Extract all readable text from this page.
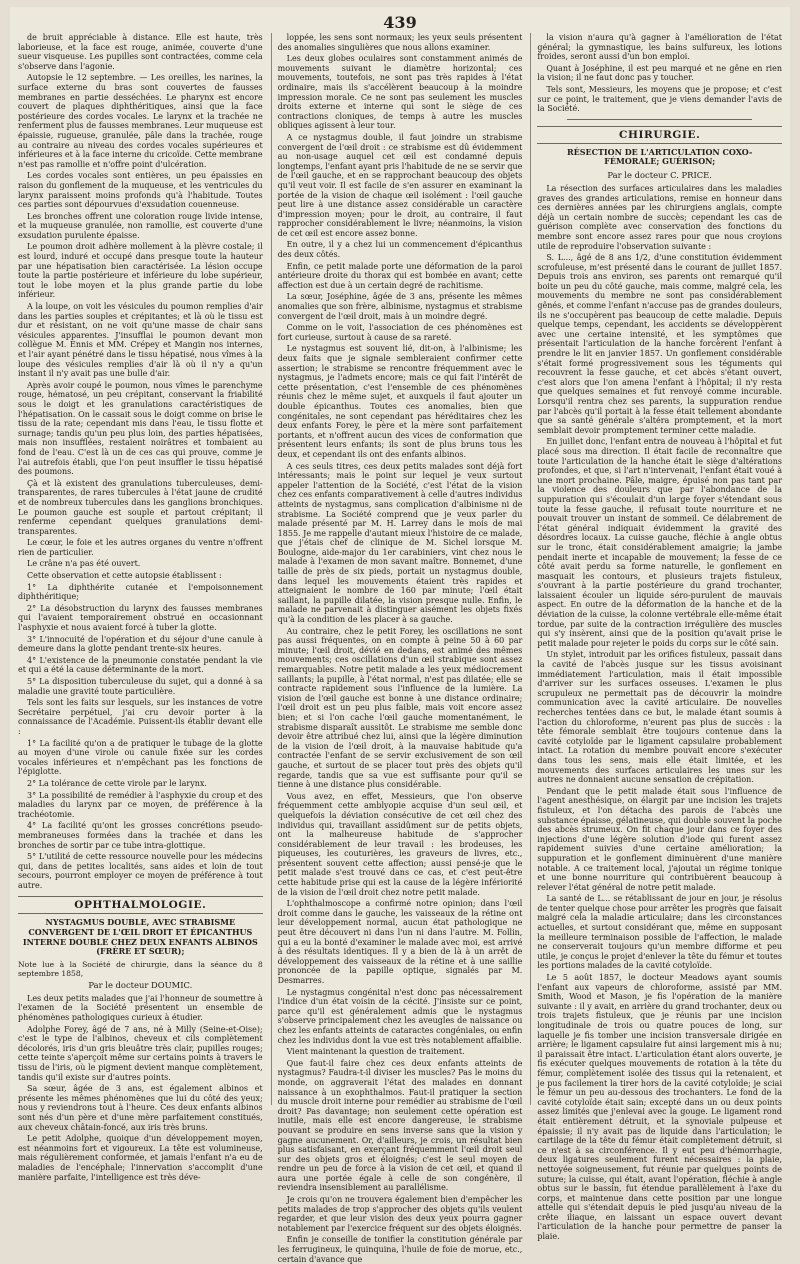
439

de bruit appréciable à distance. Elle est haute, très laborieuse, et la face est rouge, animée, couverte d'une sueur visqueuse. Les pupilles sont contractées, comme cela s'observe dans l'agonie.

Autopsie le 12 septembre. — Les oreilles, les narines, la surface externe du bras sont couvertes de fausses membranes en partie desséchées. Le pharynx est encore couvert de plaques diphthéritiques, ainsi que la face postérieure des cordes vocales. Le larynx et la trachée ne renferment plus de fausses membranes. Leur muqueuse est épaissie, rugueuse, granulée, pâle dans la trachée, rouge au contraire au niveau des cordes vocales supérieures et inférieures et à la face interne du cricoïde. Cette membrane n'est pas ramollie et n'offre point d'ulcération.

Les cordes vocales sont entières, un peu épaissies en raison du gonflement de la muqueuse, et les ventricules du larynx paraissent moins profonds qu'à l'habitude. Toutes ces parties sont dépourvues d'exsudation couenneuse.

Les bronches offrent une coloration rouge livide intense, et la muqueuse granulée, non ramollie, est couverte d'une exsudation purulente épaisse.

Le poumon droit adhère mollement à la plèvre costale; il est lourd, induré et occupé dans presque toute la hauteur par une hépatisation bien caractérisée. La lésion occupe toute la partie postérieure et inférieure du lobe supérieur, tout le lobe moyen et la plus grande partie du lobe inférieur.

A la loupe, on voit les vésicules du poumon remplies d'air dans les parties souples et crépitantes; et là où le tissu est dur et résistant, on ne voit qu'une masse de chair sans vésicules apparentes. J'insufflai le poumon devant mon collègue M. Ennis et MM. Crépey et Mangin nos internes, et l'air ayant pénétré dans le tissu hépatisé, nous vîmes à la loupe des vésicules remplies d'air là où il n'y a qu'un instant il n'y avait pas une bulle d'air.

Après avoir coupé le poumon, nous vîmes le parenchyme rouge, hématosé, un peu crépitant, conservant la friabilité sous le doigt et les granulations caractéristiques de l'hépatisation. On le cassait sous le doigt comme on brise le tissu de la rate; cependant mis dans l'eau, le tissu flotte et surnage; tandis qu'un peu plus loin, des parties hépatisées, mais non insufflées, restaient noirâtres et tombaient au fond de l'eau. C'est là un de ces cas qui prouve, comme je l'ai autrefois établi, que l'on peut insuffler le tissu hépatisé des poumons.

Çà et là existent des granulations tuberculeuses, demi-transparentes, de rares tubercules à l'état jaune de crudité et de nombreux tubercules dans les ganglions bronchiques. Le poumon gauche est souple et partout crépitant; il renferme cependant quelques granulations demi-transparentes.

Le cœur, le foie et les autres organes du ventre n'offrent rien de particulier.

Le crâne n'a pas été ouvert.

Cette observation et cette autopsie établissent :

1° La diphthérite cutanée et l'empoisonnement diphthéritique;

2° La désobstruction du larynx des fausses membranes qui l'avaient temporairement obstrué en occasionnant l'asphyxie et nous avaient forcé à tuber la glotte.

3° L'innocuité de l'opération et du séjour d'une canule à demeure dans la glotte pendant trente-six heures.

4° L'existence de la pneumonie constatée pendant la vie et qui a été la cause déterminante de la mort.

5° La disposition tuberculeuse du sujet, qui a donné à sa maladie une gravité toute particulière.

Tels sont les faits sur lesquels, sur les instances de votre Secrétaire perpétuel, j'ai cru devoir porter à la connaissance de l'Académie. Puissent-ils établir devant elle :

1° La facilité qu'on a de pratiquer le tubage de la glotte au moyen d'une virole ou canule fixée sur les cordes vocales inférieures et n'empêchant pas les fonctions de l'épiglotte.

2° La tolérance de cette virole par le larynx.

3° La possibilité de remédier à l'asphyxie du croup et des maladies du larynx par ce moyen, de préférence à la trachéotomie.

4° La facilité qu'ont les grosses concrétions pseudo-membraneuses formées dans la trachée et dans les bronches de sortir par ce tube intra-glottique.

5° L'utilité de cette ressource nouvelle pour les médecins qui, dans de petites localités, sans aides et loin de tout secours, pourront employer ce moyen de préférence à tout autre.

OPHTHALMOLOGIE.
NYSTAGMUS DOUBLE, AVEC STRABISME CONVERGENT DE L'ŒIL DROIT ET ÉPICANTHUS INTERNE DOUBLE CHEZ DEUX ENFANTS ALBINOS (FRÈRE ET SŒUR);
Note lue à la Société de chirurgie, dans la séance du 8 septembre 1858,
Par le docteur DOUMIC.

Les deux petits malades que j'ai l'honneur de soumettre à l'examen de la Société présentent un ensemble de phénomènes pathologiques curieux à étudier.

Adolphe Forey, âgé de 7 ans, né à Milly (Seine-et-Oise); c'est le type de l'albinos, cheveux et cils complètement décolorés, iris d'un gris bleuâtre très clair, pupilles rouges; cette teinte s'aperçoit même sur certains points à travers le tissu de l'iris, où le pigment devient manque complètement, tandis qu'il existe sur d'autres points.

Sa sœur, âgée de 3 ans, est également albinos et présente les mêmes phénomènes que lui du côté des yeux; nous y reviendrons tout à l'heure. Ces deux enfants albinos sont nés d'un père et d'une mère parfaitement constitués, aux cheveux châtain-foncé, aux iris très bruns.

Le petit Adolphe, quoique d'un développement moyen, est néanmoins fort et vigoureux. La tête est volumineuse, mais régulièrement conformée, et jamais l'enfant n'a eu de maladies de l'encéphale; l'innervation s'accomplit d'une manière parfaite, l'intelligence est très déve-

loppée, les sens sont normaux; les yeux seuls présentent des anomalies singulières que nous allons examiner.

Les deux globes oculaires sont constamment animés de mouvements suivant le diamètre horizontal; ces mouvements, toutefois, ne sont pas très rapides à l'état ordinaire, mais ils s'accélèrent beaucoup à la moindre impression morale. Ce ne sont pas seulement les muscles droits externe et interne qui sont le siège de ces contractions cloniques, de temps à autre les muscles obliques agissent à leur tour.

A ce nystagmus double, il faut joindre un strabisme convergent de l'œil droit : ce strabisme est dû évidemment au non-usage auquel cet œil est condamné depuis longtemps, l'enfant ayant pris l'habitude de ne se servir que de l'œil gauche, et en se rapprochant beaucoup des objets qu'il veut voir. Il est facile de s'en assurer en examinant la portée de la vision de chaque œil isolément : l'œil gauche peut lire à une distance assez considérable un caractère d'impression moyen; pour le droit, au contraire, il faut rapprocher considérablement le livre; néanmoins, la vision de cet œil est encore assez bonne.

En outre, il y a chez lui un commencement d'épicanthus des deux côtés.

Enfin, ce petit malade porte une déformation de la paroi antérieure droite du thorax qui est bombée en avant; cette affection est due à un certain degré de rachitisme.

La sœur, Joséphine, âgée de 3 ans, présente les mêmes anomalies que son frère, albinisme, nystagmus et strabisme convergent de l'œil droit, mais à un moindre degré.

Comme on le voit, l'association de ces phénomènes est fort curieuse, surtout à cause de sa rareté.

Le nystagmus est souvent lié, dit-on, à l'albinisme; les deux faits que je signale sembleraient confirmer cette assertion; le strabisme se rencontre fréquemment avec le nystagmus, je l'admets encore; mais ce qui fait l'intérêt de cette présentation, c'est l'ensemble de ces phénomènes réunis chez le même sujet, et auxquels il faut ajouter un double épicanthus. Toutes ces anomalies, bien que congénitales, ne sont cependant pas héréditaires chez les deux enfants Forey, le père et la mère sont parfaitement portants, et n'offrent aucun des vices de conformation que présentent leurs enfants; ils sont de plus bruns tous les deux, et cependant ils ont des enfants albinos.

A ces seuls titres, ces deux petits malades sont déjà fort intéressants; mais le point sur lequel je veux surtout appeler l'attention de la Société, c'est l'état de la vision chez ces enfants comparativement à celle d'autres individus atteints de nystagmus, sans complication d'albinisme ni de strabisme. La Société comprend que je veux parler du malade présenté par M. H. Larrey dans le mois de mai 1855. Je me rappelle d'autant mieux l'histoire de ce malade, que j'étais chef de clinique de M. Sichel lorsque M. Boulogne, aide-major du 1er carabiniers, vint chez nous le malade à l'examen de mon savant maître. Bonnemet, d'une taille de près de six pieds, portait un nystagmus double, dans lequel les mouvements étaient très rapides et atteignaient le nombre de 160 par minute; l'œil était saillant, la pupille dilatée, la vision presque nulle. Enfin, le malade ne parvenait à distinguer aisément les objets fixés qu'à la condition de les placer à sa gauche.

Au contraire, chez le petit Forey, les oscillations ne sont pas aussi fréquentes, on en compte à peine 50 à 60 par minute; l'œil droit, dévié en dedans, est animé des mêmes mouvements; ces oscillations d'un œil strabique sont assez remarquables. Notre petit malade a les yeux médiocrement saillants; la pupille, à l'état normal, n'est pas dilatée; elle se contracte rapidement sous l'influence de la lumière. La vision de l'œil gauche est bonne à une distance ordinaire; l'œil droit est un peu plus faible, mais voit encore assez bien; et si l'on cache l'œil gauche momentanément, le strabisme disparaît aussitôt. Le strabisme me semble donc devoir être attribué chez lui, ainsi que la légère diminution de la vision de l'œil droit, à la mauvaise habitude qu'a contractée l'enfant de se servir exclusivement de son œil gauche, et surtout de se placer tout près des objets qu'il regarde, tandis que sa vue est suffisante pour qu'il se tienne à une distance plus considérable.

Vous avez, en effet, Messieurs, que l'on observe fréquemment cette amblyopie acquise d'un seul œil, et quelquefois la déviation consécutive de cet œil chez des individus qui, travaillant assidûment sur de petits objets, ont la malheureuse habitude de s'approcher considérablement de leur travail : les brodeuses, les piqueuses, les couturières, les graveurs de livres, etc., présentent souvent cette affection; aussi pensé-je que le petit malade s'est trouvé dans ce cas, et c'est peut-être cette habitude prise qui est la cause de la légère infériorité de la vision de l'œil droit chez notre petit malade.

L'ophthalmoscope a confirmé notre opinion; dans l'œil droit comme dans le gauche, les vaisseaux de la rétine ont leur développement normal, aucun état pathologique ne peut être découvert ni dans l'un ni dans l'autre. M. Follin, qui a eu la bonté d'examiner le malade avec moi, est arrivé à des résultats identiques. Il y a bien de là à un arrêt de développement des vaisseaux de la rétine et à une saillie prononcée de la papille optique, signalés par M. Desmarres.

Le nystagmus congénital n'est donc pas nécessairement l'indice d'un état voisin de la cécité. J'insiste sur ce point, parce qu'il est généralement admis que le nystagmus s'observe principalement chez les aveugles de naissance ou chez les enfants atteints de cataractes congéniales, ou enfin chez les individus dont la vue est très notablement affaiblie.

Vient maintenant la question de traitement.

Que faut-il faire chez ces deux enfants atteints de nystagmus? Faudra-t-il diviser les muscles? Pas le moins du monde, on aggraverait l'état des malades en donnant naissance à un exophthalmos. Faut-il pratiquer la section du muscle droit interne pour remédier au strabisme de l'œil droit? Pas davantage; non seulement cette opération est inutile, mais elle est encore dangereuse, le strabisme pouvant se produire en sens inverse sans que la vision y gagne aucunement. Or, d'ailleurs, je crois, un résultat bien plus satisfaisant, en exerçant fréquemment l'œil droit seul sur des objets gros et éloignés; c'est le seul moyen de rendre un peu de force à la vision de cet œil, et quand il aura une portée égale à celle de son congénère, il reviendra insensiblement au parallélisme.

Je crois qu'on ne trouvera également bien d'empêcher les petits malades de trop s'approcher des objets qu'ils veulent regarder, et que leur vision des deux yeux pourra gagner notablement par l'exercice fréquent sur des objets éloignés.

Enfin je conseille de tonifier la constitution générale par les ferrugineux, le quinquina, l'huile de foie de morue, etc., certain d'avance que

la vision n'aura qu'à gagner à l'amélioration de l'état général; la gymnastique, les bains sulfureux, les lotions froides, seront aussi d'un bon emploi.

Quant à Joséphine, il est peu marqué et ne gêne en rien la vision; il ne faut donc pas y toucher.

Tels sont, Messieurs, les moyens que je propose; et c'est sur ce point, le traitement, que je viens demander l'avis de la Société.

CHIRURGIE.
RÉSECTION DE L'ARTICULATION COXO-FÉMORALE; GUÉRISON;
Par le docteur C. PRICE.

La résection des surfaces articulaires dans les maladies graves des grandes articulations, remise en honneur dans ces dernières années par les chirurgiens anglais, compte déjà un certain nombre de succès; cependant les cas de guérison complète avec conservation des fonctions du membre sont encore assez rares pour que nous croyions utile de reproduire l'observation suivante :

S. L..., âgé de 8 ans 1/2, d'une constitution évidemment scrofuleuse, m'est présenté dans le courant de juillet 1857. Depuis trois ans environ, ses parents ont remarqué qu'il boite un peu du côté gauche, mais comme, malgré cela, les mouvements du membre ne sont pas considérablement gênés, et comme l'enfant n'accuse pas de grandes douleurs, ils ne s'occupèrent pas beaucoup de cette maladie. Depuis quelque temps, cependant, les accidents se développèrent avec une certaine intensité, et les symptômes que présentait l'articulation de la hanche forcèrent l'enfant à prendre le lit en janvier 1857. Un gonflement considérable s'était formé progressivement sous les téguments qui recouvrent la fesse gauche, et cet abcès s'étant ouvert, c'est alors que l'on amena l'enfant à l'hôpital; il n'y resta que quelques semaines et fut renvoyé comme incurable. Lorsqu'il rentra chez ses parents, la suppuration rendue par l'abcès qu'il portait à la fesse était tellement abondante que sa santé générale s'altéra promptement, et la mort semblait devoir promptement terminer cette maladie.

En juillet donc, l'enfant entra de nouveau à l'hôpital et fut placé sous ma direction. Il était facile de reconnaître que toute l'articulation de la hanche était le siège d'altérations profondes, et que, si l'art n'intervenait, l'enfant était voué à une mort prochaine. Pâle, maigre, épuisé non pas tant par la violence des douleurs que par l'abondance de la suppuration qui s'écoulait d'un large foyer s'étendant sous toute la fesse gauche, il refusait toute nourriture et ne pouvait trouver un instant de sommeil. Ce délabrement de l'état général indiquait évidemment la gravité des désordres locaux. La cuisse gauche, fléchie à angle obtus sur le tronc, était considérablement amaigrie; la jambe pendait inerte et incapable de mouvement; la fesse de ce côté avait perdu sa forme naturelle, le gonflement en masquait les contours, et plusieurs trajets fistuleux, s'ouvrant à la partie postérieure du grand trochanter, laissaient écouler un liquide séro-purulent de mauvais aspect. En outre de la déformation de la hanche et de la déviation de la cuisse, la colonne vertébrale elle-même était tordue, par suite de la contraction irrégulière des muscles qui s'y insèrent, ainsi que de la position qu'avait prise le petit malade pour rejeter le poids du corps sur le côté sain.

Un stylet, introduit par les orifices fistuleux, passait dans la cavité de l'abcès jusque sur les tissus avoisinant immédiatement l'articulation, mais il était impossible d'arriver sur les surfaces osseuses. L'examen le plus scrupuleux ne permettait pas de découvrir la moindre communication avec la cavité articulaire. De nouvelles recherches tentées dans ce but, le malade étant soumis à l'action du chloroforme, n'eurent pas plus de succès : la tête fémorale semblait être toujours contenue dans la cavité cotyloïde par le ligament capsulaire probablement intact. La rotation du membre pouvait encore s'exécuter dans tous les sens, mais elle était limitée, et les mouvements des surfaces articulaires les unes sur les autres ne donnaient aucune sensation de crépitation.

Pendant que le petit malade était sous l'influence de l'agent anesthésique, on élargit par une incision les trajets fistuleux, et l'on détacha des parois de l'abcès une substance épaisse, gélatineuse, qui double souvent la poche des abcès strumeux. On fit chaque jour dans ce foyer des injections d'une légère solution d'iode qui furent assez rapidement suivies d'une certaine amélioration; la suppuration et le gonflement diminuèrent d'une manière notable. A ce traitement local, j'ajoutai un régime tonique et une bonne nourriture qui contribuèrent beaucoup à relever l'état général de notre petit malade.

La santé de L... se rétablissant de jour en jour, je résolus de tenter quelque chose pour arrêter les progrès que faisait malgré cela la maladie articulaire; dans les circonstances actuelles, et surtout considérant que, même en supposant la meilleure terminaison possible de l'affection, le malade ne conserverait toujours qu'un membre difforme et peu utile, je conçus le projet d'enlever la tête du fémur et toutes les portions malades de la cavité cotyloïde.

Le 5 août 1857, le docteur Meadows ayant soumis l'enfant aux vapeurs de chloroforme, assisté par MM. Smith, Wood et Mason, je fis l'opération de la manière suivante : il y avait, en arrière du grand trochanter, deux ou trois trajets fistuleux, que je réunis par une incision longitudinale de trois ou quatre pouces de long, sur laquelle je fis tomber une incision transversale dirigée en arrière; le ligament capsulaire fut ainsi largement mis à nu; il paraissait être intact. L'articulation étant alors ouverte, je fis exécuter quelques mouvements de rotation à la tête du fémur, complètement isolée des tissus qui la retenaient, et je pus facilement la tirer hors de la cavité cotyloïde; je sciai le fémur un peu au-dessous des trochanters. Le fond de la cavité cotyloïde était sain; excepté dans un ou deux points assez limités que j'enlevai avec la gouge. Le ligament rond était entièrement détruit, et la synoviale pulpeuse et épaissie; il n'y avait pas de liquide dans l'articulation; le cartilage de la tête du fémur était complètement détruit, si ce n'est à sa circonférence. Il y eut peu d'hémorrhagie, deux ligatures seulement furent nécessaires : la plaie, nettoyée soigneusement, fut réunie par quelques points de suture; la cuisse, qui était, avant l'opération, fléchie à angle obtus sur le bassin, fut étendue parallèlement à l'axe du corps, et maintenue dans cette position par une longue attelle qui s'étendait depuis le pied jusqu'au niveau de la crête iliaque, en laissant un espace ouvert devant l'articulation de la hanche pour permettre de panser la plaie.
